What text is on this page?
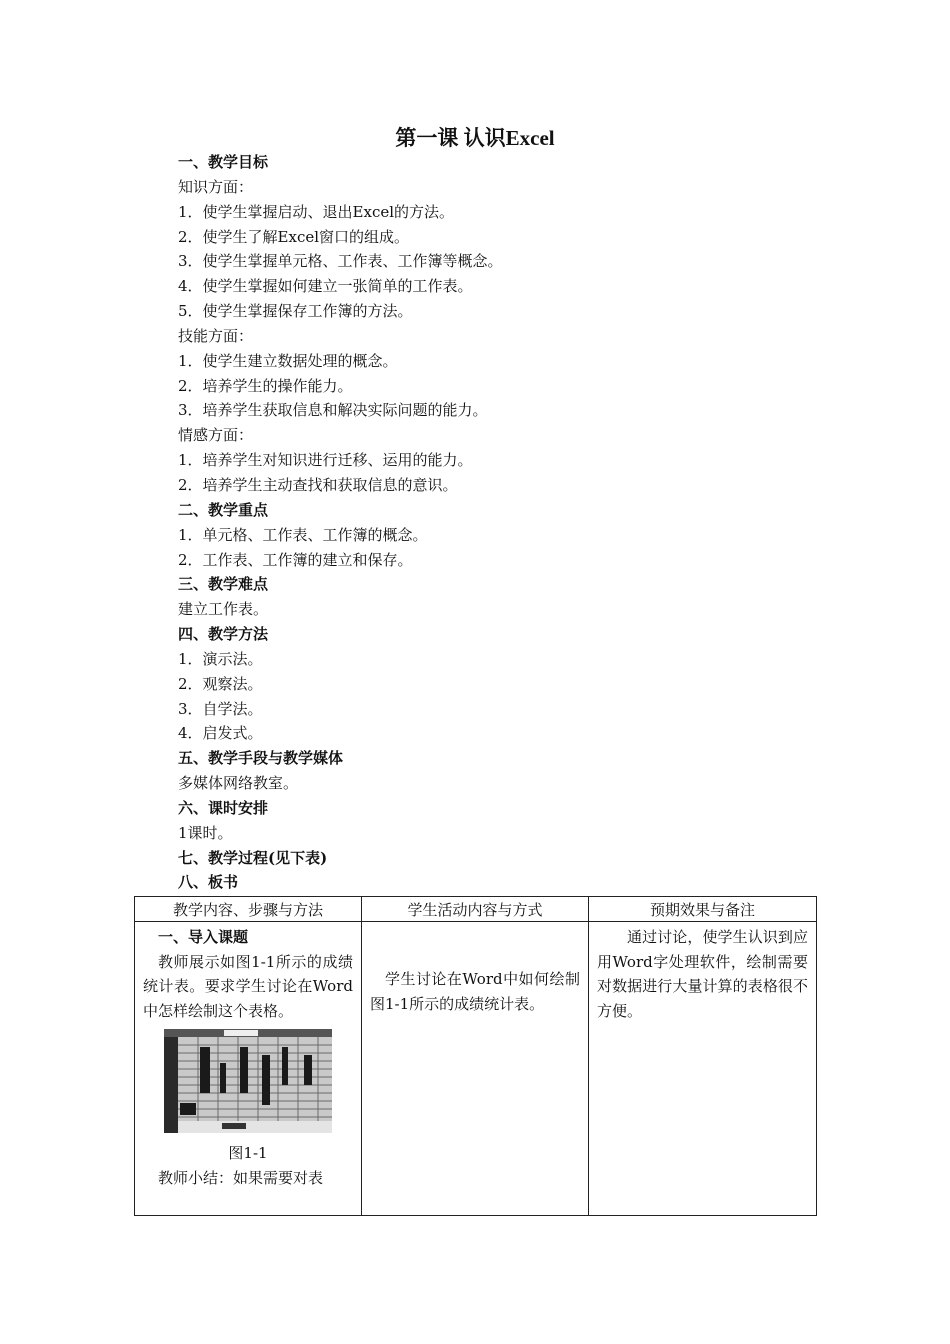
第一课 认识Excel
一、教学目标
知识方面：
1．使学生掌握启动、退出Excel的方法。
2．使学生了解Excel窗口的组成。
3．使学生掌握单元格、工作表、工作簿等概念。
4．使学生掌握如何建立一张简单的工作表。
5．使学生掌握保存工作簿的方法。
技能方面：
1．使学生建立数据处理的概念。
2．培养学生的操作能力。
3．培养学生获取信息和解决实际问题的能力。
情感方面：
1．培养学生对知识进行迁移、运用的能力。
2．培养学生主动查找和获取信息的意识。
二、教学重点
1．单元格、工作表、工作簿的概念。
2．工作表、工作簿的建立和保存。
三、教学难点
建立工作表。
四、教学方法
1．演示法。
2．观察法。
3．自学法。
4．启发式。
五、教学手段与教学媒体
多媒体网络教室。
六、课时安排
1课时。
七、教学过程(见下表)
八、板书
教学内容、步骤与方法	学生活动内容与方式	预期效果与备注

一、导入课题

教师展示如图1-1所示的成绩统计表。要求学生讨论在Word中怎样绘制这个表格。

图1-1

教师小结：如果需要对表	学生讨论在Word中如何绘制图1-1所示的成绩统计表。	通过讨论，使学生认识到应用Word字处理软件，绘制需要对数据进行大量计算的表格很不方便。
